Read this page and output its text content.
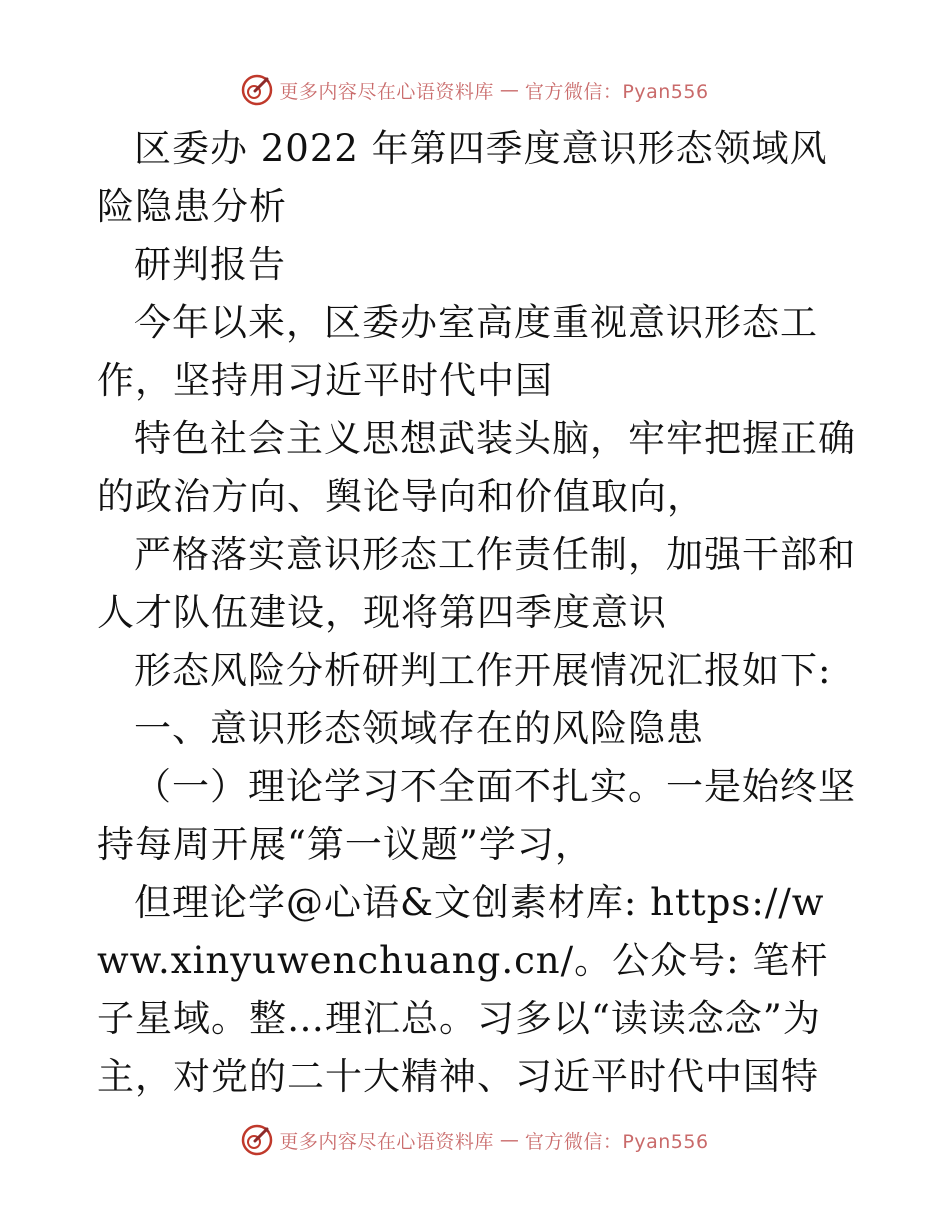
更多内容尽在心语资料库 — 官方微信：Pyan556

区委办 2022 年第四季度意识形态领域风险隐患分析

研判报告

今年以来，区委办室高度重视意识形态工作，坚持用习近平时代中国

特色社会主义思想武装头脑，牢牢把握正确的政治方向、舆论导向和价值取向，

严格落实意识形态工作责任制，加强干部和人才队伍建设，现将第四季度意识

形态风险分析研判工作开展情况汇报如下:

一、意识形态领域存在的风险隐患

（一）理论学习不全面不扎实。一是始终坚持每周开展“第一议题”学习，

但理论学@心语&文创素材库: https://www.xinyuwenchuang.cn/。公众号: 笔杆子星域。整…理汇总。习多以“读读念念”为主，对党的二十大精神、习近平时代中国特

更多内容尽在心语资料库 — 官方微信：Pyan556
